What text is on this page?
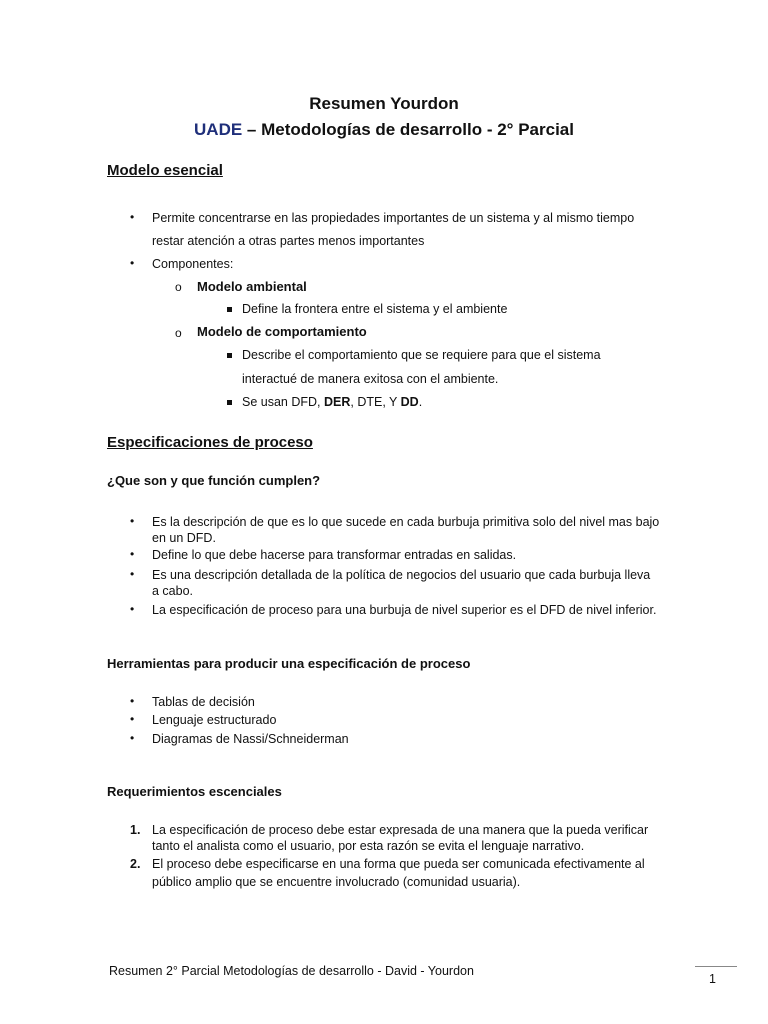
Resumen Yourdon
UADE – Metodologías de desarrollo - 2° Parcial
Modelo esencial
• Permite concentrarse en las propiedades importantes de un sistema y al mismo tiempo
restar atención a otras partes menos importantes
• Componentes:
o Modelo ambiental
Define la frontera entre el sistema y el ambiente
o Modelo de comportamiento
Describe el comportamiento que se requiere para que el sistema
interactué de manera exitosa con el ambiente.
Se usan DFD, DER, DTE, Y DD.
Especificaciones de proceso
¿Que son y que función cumplen?
• Es la descripción de que es lo que sucede en cada burbuja primitiva solo del nivel mas bajo
en un DFD.
• Define lo que debe hacerse para transformar entradas en salidas.
• Es una descripción detallada de la política de negocios del usuario que cada burbuja lleva
a cabo.
• La especificación de proceso para una burbuja de nivel superior es el DFD de nivel inferior.
Herramientas para producir una especificación de proceso
• Tablas de decisión
• Lenguaje estructurado
• Diagramas de Nassi/Schneiderman
Requerimientos escenciales
1. La especificación de proceso debe estar expresada de una manera que la pueda verificar
tanto el analista como el usuario, por esta razón se evita el lenguaje narrativo.
2. El proceso debe especificarse en una forma que pueda ser comunicada efectivamente al
público amplio que se encuentre involucrado (comunidad usuaria).
Resumen 2° Parcial Metodologías de desarrollo - David - Yourdon
1
